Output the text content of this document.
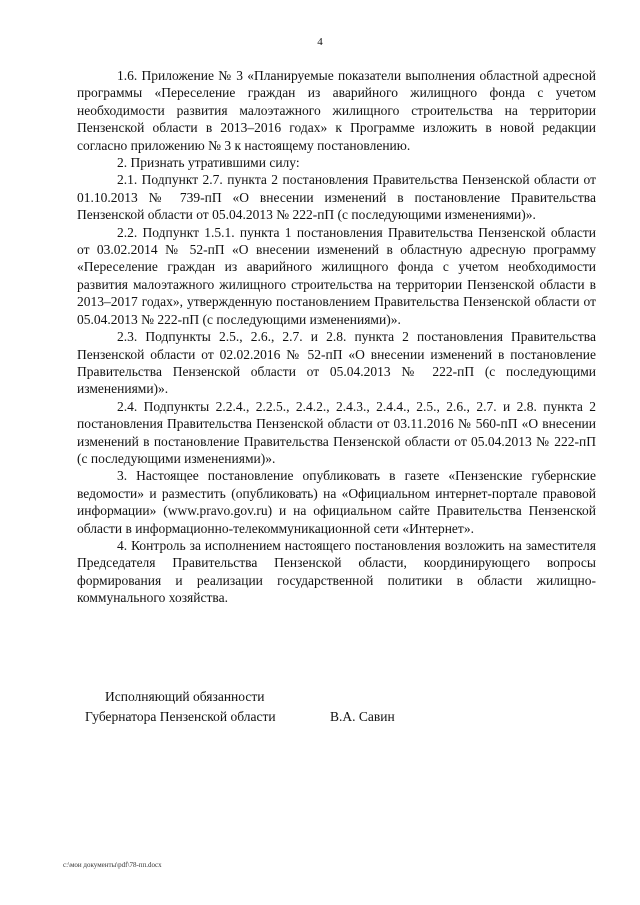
4

1.6. Приложение № 3 «Планируемые показатели выполнения областной адресной программы «Переселение граждан из аварийного жилищного фонда с учетом необходимости развития малоэтажного жилищного строительства на территории Пензенской области в 2013–2016 годах» к Программе изложить в новой редакции согласно приложению № 3 к настоящему постановлению.

2. Признать утратившими силу:

2.1. Подпункт 2.7. пункта 2 постановления Правительства Пензенской области от 01.10.2013 № 739-пП «О внесении изменений в постановление Правительства Пензенской области от 05.04.2013 № 222-пП (с последующими изменениями)».

2.2. Подпункт 1.5.1. пункта 1 постановления Правительства Пензенской области от 03.02.2014 № 52-пП «О внесении изменений в областную адресную программу «Переселение граждан из аварийного жилищного фонда с учетом необходимости развития малоэтажного жилищного строительства на территории Пензенской области в 2013–2017 годах», утвержденную постановлением Правительства Пензенской области от 05.04.2013 № 222-пП (с последующими изменениями)».

2.3. Подпункты 2.5., 2.6., 2.7. и 2.8. пункта 2 постановления Правительства Пензенской области от 02.02.2016 № 52-пП «О внесении изменений в постановление Правительства Пензенской области от 05.04.2013 № 222-пП (с последующими изменениями)».

2.4. Подпункты 2.2.4., 2.2.5., 2.4.2., 2.4.3., 2.4.4., 2.5., 2.6., 2.7. и 2.8. пункта 2 постановления Правительства Пензенской области от 03.11.2016 № 560-пП «О внесении изменений в постановление Правительства Пензенской области от 05.04.2013 № 222-пП (с последующими изменениями)».

3. Настоящее постановление опубликовать в газете «Пензенские губернские ведомости» и разместить (опубликовать) на «Официальном интернет-портале правовой информации» (www.pravo.gov.ru) и на официальном сайте Правительства Пензенской области в информационно-телекоммуникационной сети «Интернет».

4. Контроль за исполнением настоящего постановления возложить на заместителя Председателя Правительства Пензенской области, координирующего вопросы формирования и реализации государственной политики в области жилищно-коммунального хозяйства.

Исполняющий обязанности
Губернатора Пензенской области	В.А. Савин
c:\мои документы\pdf\78-пп.docx
